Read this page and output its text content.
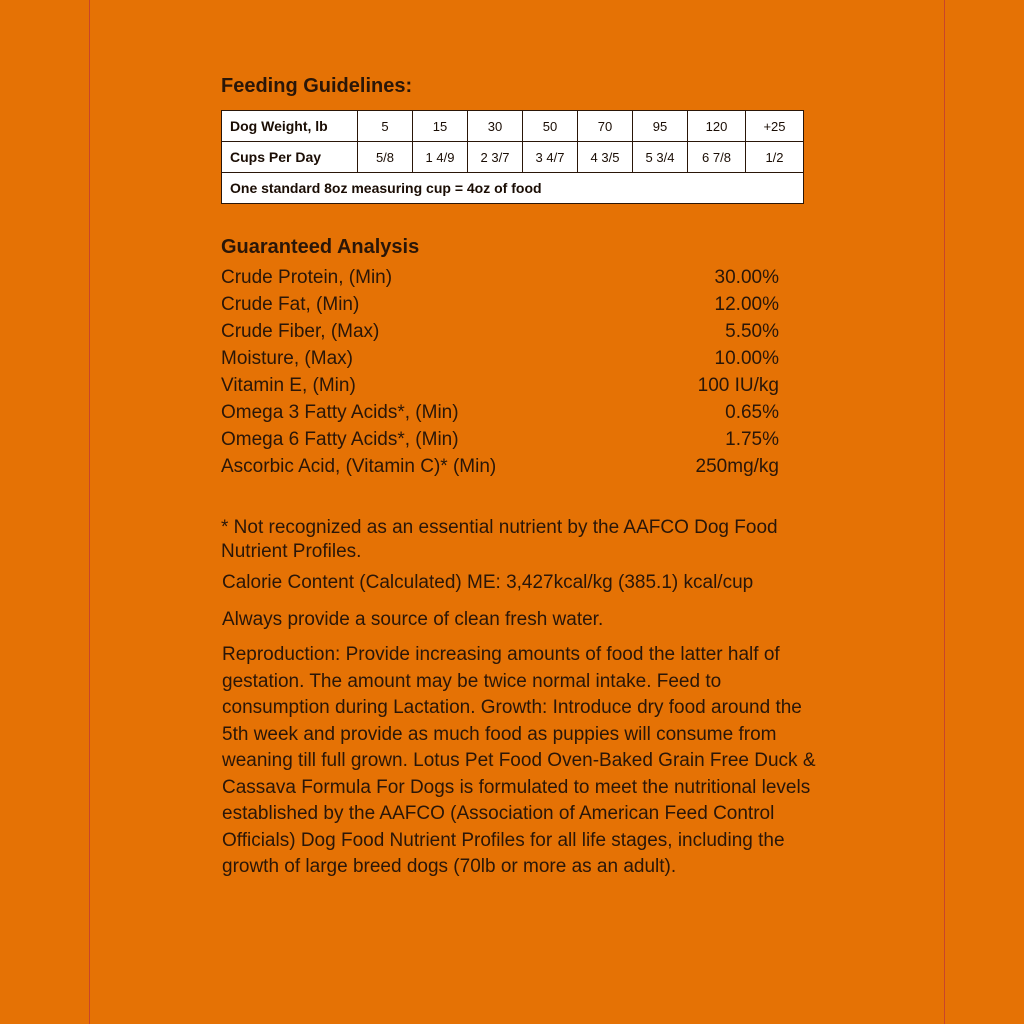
Feeding Guidelines:
Dog Weight, lb	5	15	30	50	70	95	120	+25
Cups Per Day	5/8	1 4/9	2 3/7	3 4/7	4 3/5	5 3/4	6 7/8	1/2
One standard 8oz measuring cup = 4oz of food								
Guaranteed Analysis
Crude Protein, (Min)	30.00%
Crude Fat, (Min)	12.00%
Crude Fiber, (Max)	5.50%
Moisture, (Max)	10.00%
Vitamin E, (Min)	100 IU/kg
Omega 3 Fatty Acids*, (Min)	0.65%
Omega 6 Fatty Acids*, (Min)	1.75%
Ascorbic Acid, (Vitamin C)* (Min)	250mg/kg

* Not recognized as an essential nutrient by the AAFCO Dog Food Nutrient Profiles.

Calorie Content (Calculated) ME: 3,427kcal/kg (385.1) kcal/cup

Always provide a source of clean fresh water.

Reproduction: Provide increasing amounts of food the latter half of gestation. The amount may be twice normal intake. Feed to consumption during Lactation. Growth: Introduce dry food around the 5th week and provide as much food as puppies will consume from weaning till full grown. Lotus Pet Food Oven-Baked Grain Free Duck & Cassava Formula For Dogs is formulated to meet the nutritional levels established by the AAFCO (Association of American Feed Control Officials) Dog Food Nutrient Profiles for all life stages, including the growth of large breed dogs (70lb or more as an adult).
